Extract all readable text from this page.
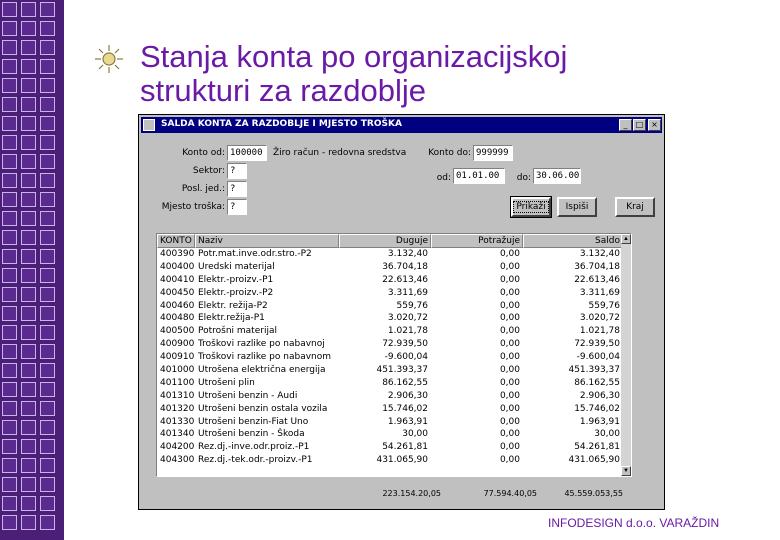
Stanja konta po organizacijskoj
strukturi za razdoblje
SALDA KONTA ZA RAZDOBLJE I MJESTO TROŠKA	_	□ ×
Konto od: 100000	Žiro račun - redovna sredstva	Konto do: 999999
Sektor: ?
Posl. jed.: ?
od: 01.01.00	do: 30.06.00
Mjesto troška: ?	Prikaži	Ispiši	Kraj
KONTO Naziv	Duguje	Potražuje	Saldo
400390 Potr.mat.inve.odr.stro.-P2	3.132,40	0,00	3.132,40
400400 Uredski materijal	36.704,18	0,00	36.704,18
400410 Elektr.-proizv.-P1	22.613,46	0,00	22.613,46
400450 Elektr.-proizv.-P2	3.311,69	0,00	3.311,69
400460 Elektr. režija-P2	559,76	0,00	559,76
400480 Elektr.režija-P1	3.020,72	0,00	3.020,72
400500 Potrošni materijal	1.021,78	0,00	1.021,78
400900 Troškovi razlike po nabavnoj	72.939,50	0,00	72.939,50
400910 Troškovi razlike po nabavnom	-9.600,04	0,00	-9.600,04
401000 Utrošena električna energija	451.393,37	0,00	451.393,37
401100 Utrošeni plin	86.162,55	0,00	86.162,55
401310 Utrošeni benzin - Audi	2.906,30	0,00	2.906,30
401320 Utrošeni benzin ostala vozila	15.746,02	0,00	15.746,02
401330 Utrošeni benzin-Fiat Uno	1.963,91	0,00	1.963,91
401340 Utrošeni benzin - Škoda	30,00	0,00	30,00
404200 Rez.dj.-inve.odr.proiz.-P1	54.261,81	0,00	54.261,81
404300 Rez.dj.-tek.odr.-proizv.-P1	431.065,90	0,00	431.065,90
▲
▼
223.154.20,05	77.594.40,05	45.559.053,55
INFODESIGN d.o.o. VARAŽDIN
